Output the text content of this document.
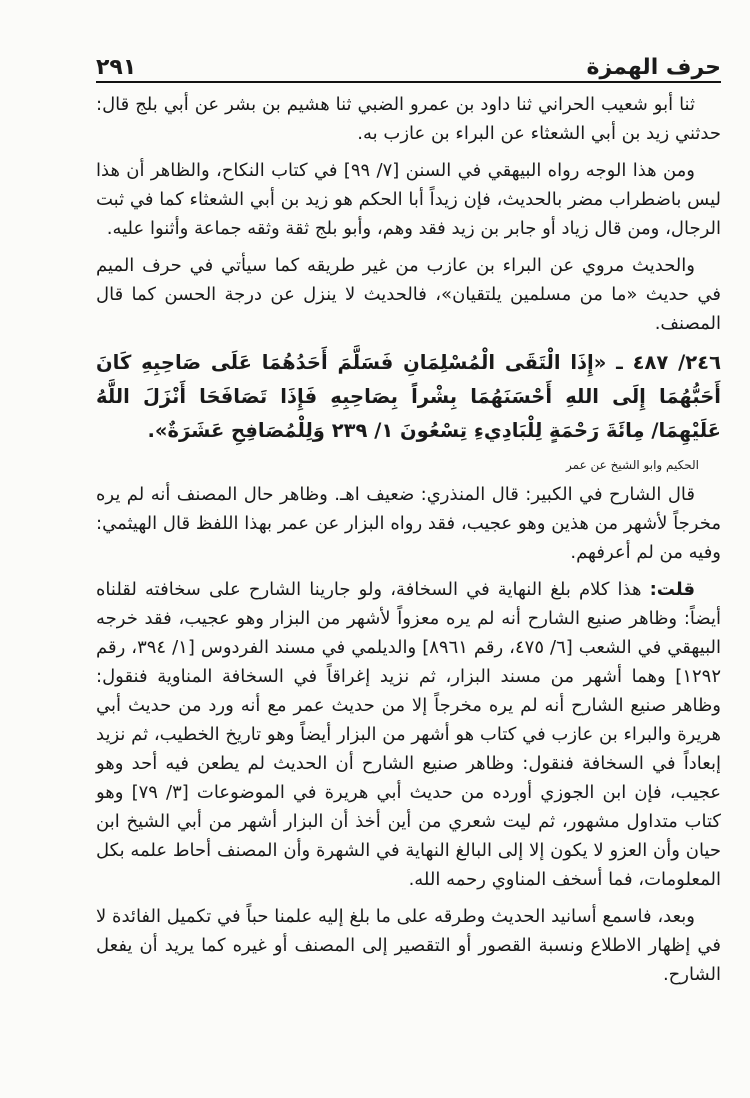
حرف الهمزة
٢٩١

ثنا أبو شعيب الحراني ثنا داود بن عمرو الضبي ثنا هشيم بن بشر عن أبي بلج قال: حدثني زيد بن أبي الشعثاء عن البراء بن عازب به.

ومن هذا الوجه رواه البيهقي في السنن [٧/ ٩٩] في كتاب النكاح، والظاهر أن هذا ليس باضطراب مضر بالحديث، فإن زيداً أبا الحكم هو زيد بن أبي الشعثاء كما في ثبت الرجال، ومن قال زياد أو جابر بن زيد فقد وهم، وأبو بلج ثقة وثقه جماعة وأثنوا عليه.

والحديث مروي عن البراء بن عازب من غير طريقه كما سيأتي في حرف الميم في حديث «ما من مسلمين يلتقيان»، فالحديث لا ينزل عن درجة الحسن كما قال المصنف.

٢٤٦/ ٤٨٧ ـ «إِذَا الْتَقَى الْمُسْلِمَانِ فَسَلَّمَ أَحَدُهُمَا عَلَى صَاحِبِهِ كَانَ أَحَبُّهُمَا إِلَى اللهِ أَحْسَنَهُمَا بِشْراً بِصَاحِبِهِ فَإِذَا تَصَافَحَا أَنْزَلَ اللَّهُ عَلَيْهِمَا/ مِائَةَ رَحْمَةٍ لِلْبَادِيءِ تِسْعُونَ ١/ ٢٣٩ وَلِلْمُصَافِحِ عَشَرَةٌ».

الحكيم وابو الشيخ عن عمر

قال الشارح في الكبير: قال المنذري: ضعيف اهـ. وظاهر حال المصنف أنه لم يره مخرجاً لأشهر من هذين وهو عجيب، فقد رواه البزار عن عمر بهذا اللفظ قال الهيثمي: وفيه من لم أعرفهم.

قلت: هذا كلام بلغ النهاية في السخافة، ولو جارينا الشارح على سخافته لقلناه أيضاً: وظاهر صنيع الشارح أنه لم يره معزواً لأشهر من البزار وهو عجيب، فقد خرجه البيهقي في الشعب [٦/ ٤٧٥، رقم ٨٩٦١] والديلمي في مسند الفردوس [١/ ٣٩٤، رقم ١٢٩٢] وهما أشهر من مسند البزار، ثم نزيد إغراقاً في السخافة المناوية فنقول: وظاهر صنيع الشارح أنه لم يره مخرجاً إلا من حديث عمر مع أنه ورد من حديث أبي هريرة والبراء بن عازب في كتاب هو أشهر من البزار أيضاً وهو تاريخ الخطيب، ثم نزيد إبعاداً في السخافة فنقول: وظاهر صنيع الشارح أن الحديث لم يطعن فيه أحد وهو عجيب، فإن ابن الجوزي أورده من حديث أبي هريرة في الموضوعات [٣/ ٧٩] وهو كتاب متداول مشهور، ثم ليت شعري من أين أخذ أن البزار أشهر من أبي الشيخ ابن حيان وأن العزو لا يكون إلا إلى البالغ النهاية في الشهرة وأن المصنف أحاط علمه بكل المعلومات، فما أسخف المناوي رحمه الله.

وبعد، فاسمع أسانيد الحديث وطرقه على ما بلغ إليه علمنا حباً في تكميل الفائدة لا في إظهار الاطلاع ونسبة القصور أو التقصير إلى المصنف أو غيره كما يريد أن يفعل الشارح.
